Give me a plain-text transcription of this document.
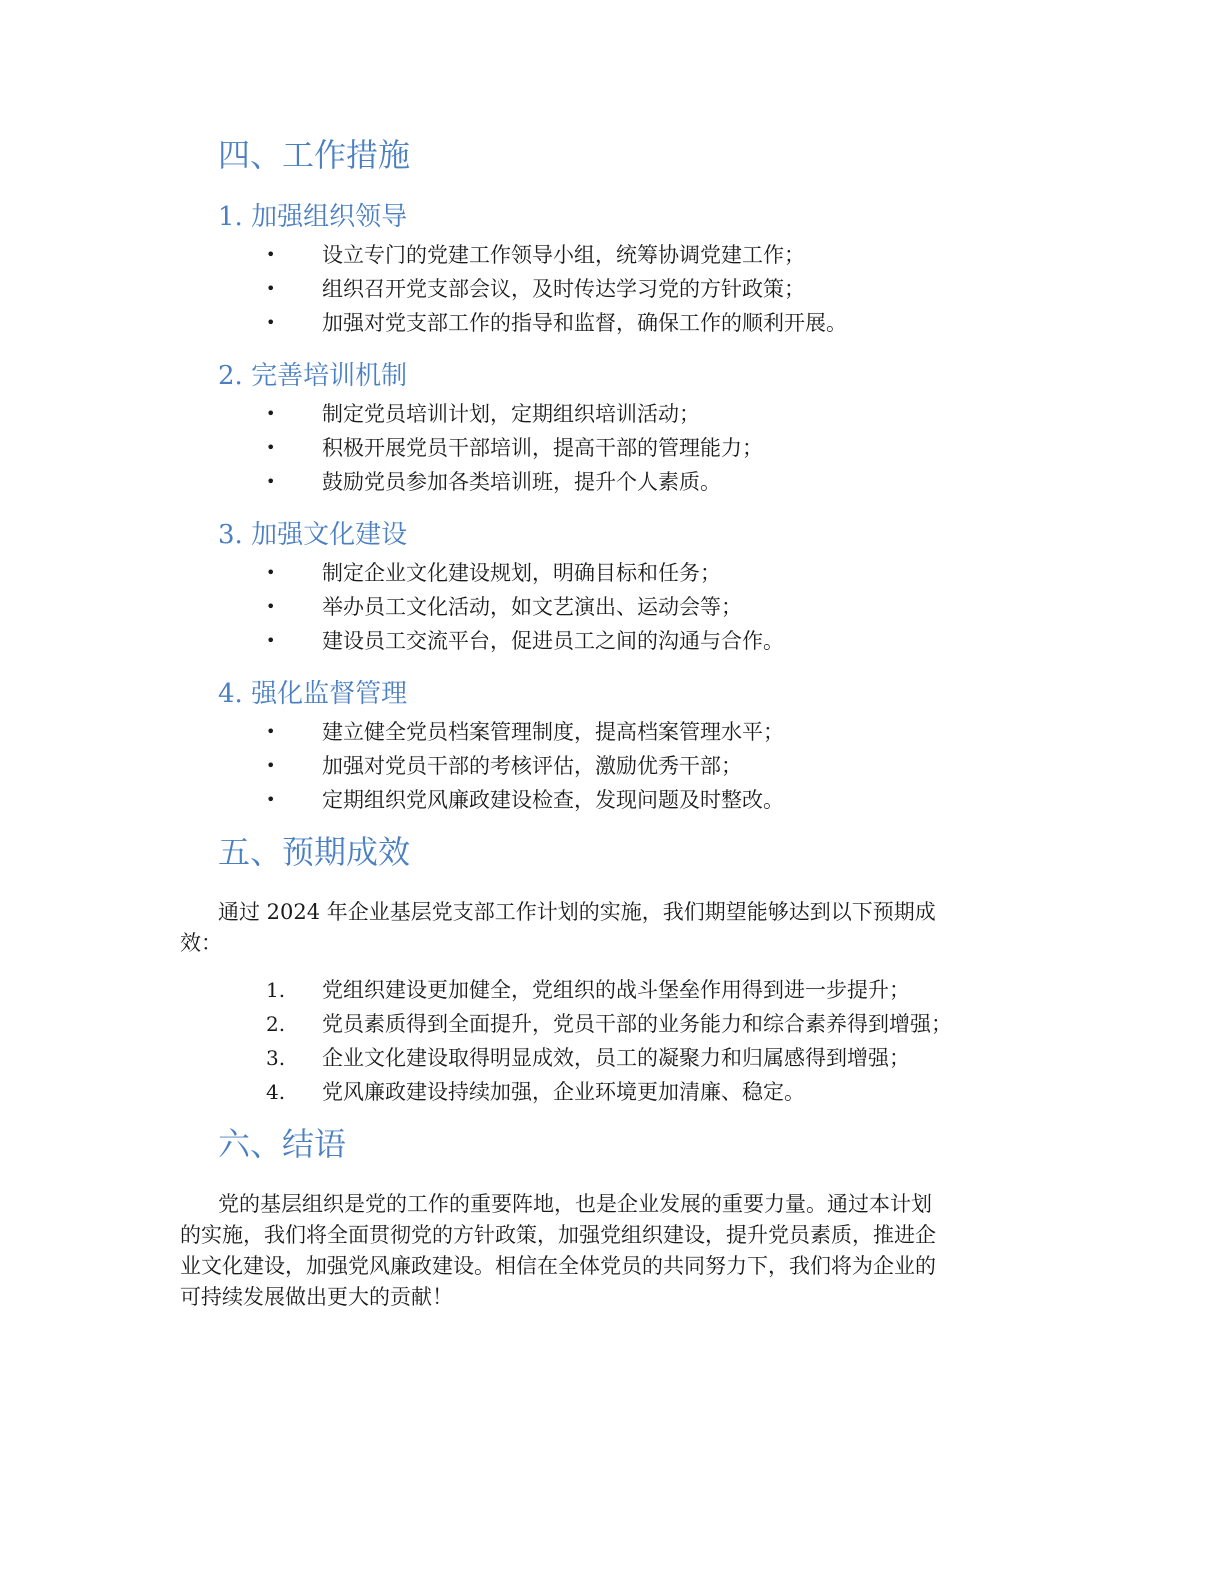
四、工作措施
1. 加强组织领导
• 设立专门的党建工作领导小组，统筹协调党建工作；
• 组织召开党支部会议，及时传达学习党的方针政策；
• 加强对党支部工作的指导和监督，确保工作的顺利开展。
2. 完善培训机制
• 制定党员培训计划，定期组织培训活动；
• 积极开展党员干部培训，提高干部的管理能力；
• 鼓励党员参加各类培训班，提升个人素质。
3. 加强文化建设
• 制定企业文化建设规划，明确目标和任务；
• 举办员工文化活动，如文艺演出、运动会等；
• 建设员工交流平台，促进员工之间的沟通与合作。
4. 强化监督管理
• 建立健全党员档案管理制度，提高档案管理水平；
• 加强对党员干部的考核评估，激励优秀干部；
• 定期组织党风廉政建设检查，发现问题及时整改。
五、预期成效
通过 2024 年企业基层党支部工作计划的实施，我们期望能够达到以下预期成
效：
1. 党组织建设更加健全，党组织的战斗堡垒作用得到进一步提升；
2. 党员素质得到全面提升，党员干部的业务能力和综合素养得到增强；
3. 企业文化建设取得明显成效，员工的凝聚力和归属感得到增强；
4. 党风廉政建设持续加强，企业环境更加清廉、稳定。
六、结语
党的基层组织是党的工作的重要阵地，也是企业发展的重要力量。通过本计划
的实施，我们将全面贯彻党的方针政策，加强党组织建设，提升党员素质，推进企
业文化建设，加强党风廉政建设。相信在全体党员的共同努力下，我们将为企业的
可持续发展做出更大的贡献！
